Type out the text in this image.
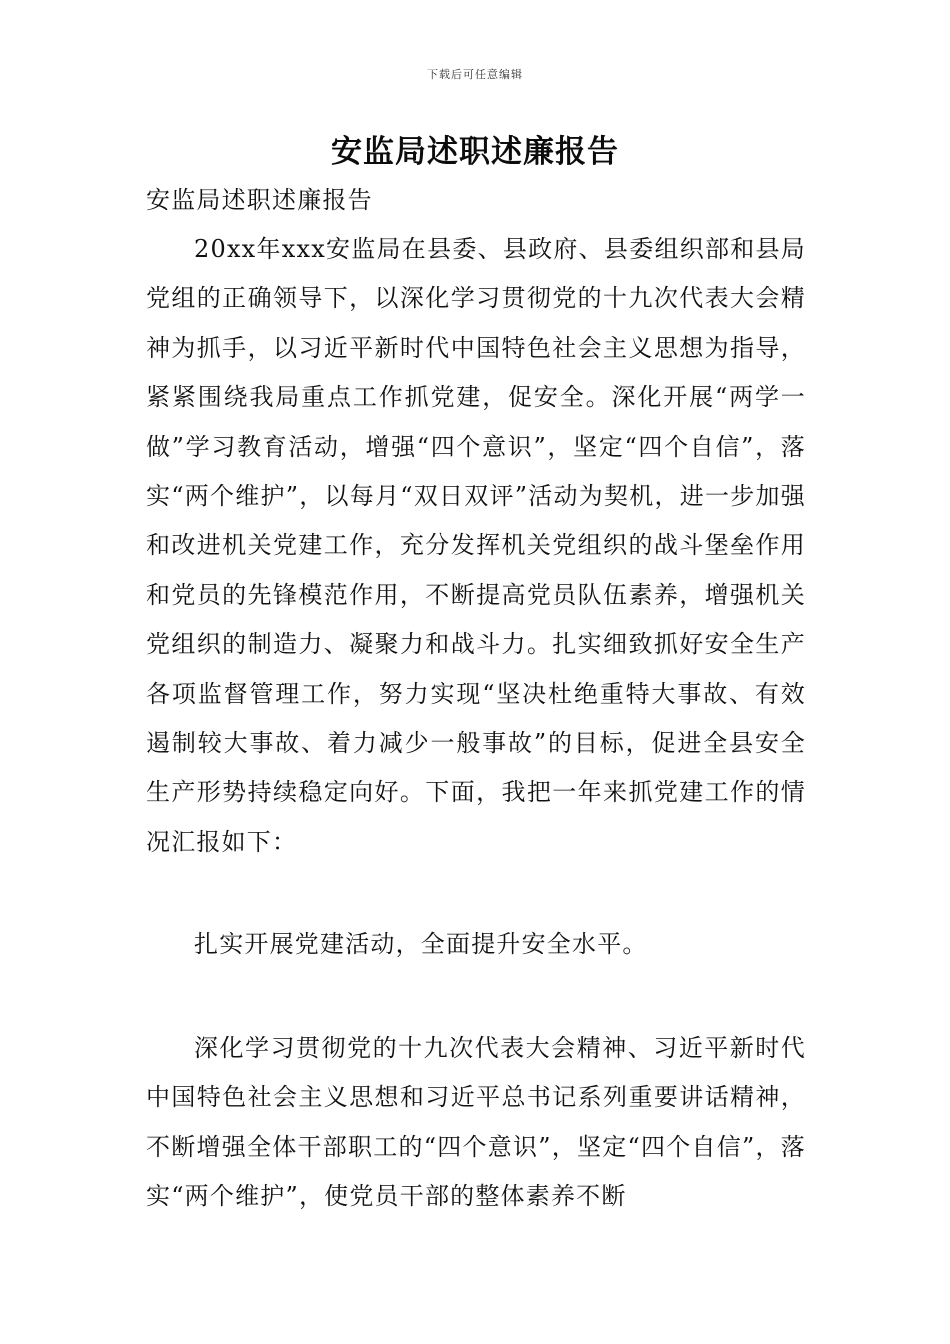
下载后可任意编辑
安监局述职述廉报告

安监局述职述廉报告

20xx年xxx安监局在县委、县政府、县委组织部和县局党组的正确领导下，以深化学习贯彻党的十九次代表大会精神为抓手，以习近平新时代中国特色社会主义思想为指导，紧紧围绕我局重点工作抓党建，促安全。深化开展“两学一做”学习教育活动，增强“四个意识”，坚定“四个自信”，落实“两个维护”，以每月“双日双评”活动为契机，进一步加强和改进机关党建工作，充分发挥机关党组织的战斗堡垒作用和党员的先锋模范作用，不断提高党员队伍素养，增强机关党组织的制造力、凝聚力和战斗力。扎实细致抓好安全生产各项监督管理工作，努力实现“坚决杜绝重特大事故、有效遏制较大事故、着力减少一般事故”的目标，促进全县安全生产形势持续稳定向好。下面，我把一年来抓党建工作的情况汇报如下：

扎实开展党建活动，全面提升安全水平。

深化学习贯彻党的十九次代表大会精神、习近平新时代中国特色社会主义思想和习近平总书记系列重要讲话精神，不断增强全体干部职工的“四个意识”，坚定“四个自信”，落实“两个维护”，使党员干部的整体素养不断
